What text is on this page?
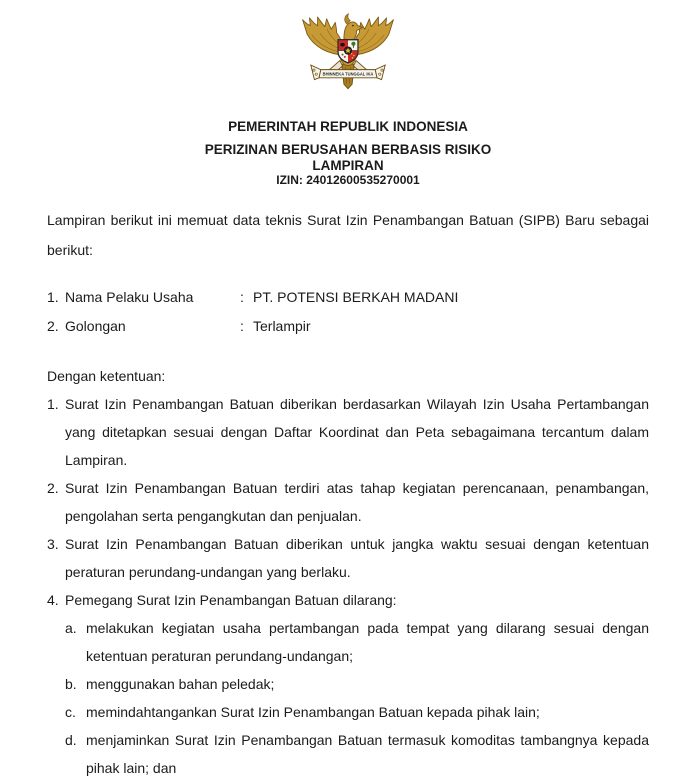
BHINNEKA TUNGGAL IKA
PEMERINTAH REPUBLIK INDONESIA
PERIZINAN BERUSAHAN BERBASIS RISIKO
LAMPIRAN
IZIN: 24012600535270001

Lampiran berikut ini memuat data teknis Surat Izin Penambangan Batuan (SIPB) Baru sebagai berikut:

1. Nama Pelaku Usaha	: PT. POTENSI BERKAH MADANI
2. Golongan	: Terlampir

Dengan ketentuan:

1. Surat Izin Penambangan Batuan diberikan berdasarkan Wilayah Izin Usaha Pertambangan yang ditetapkan sesuai dengan Daftar Koordinat dan Peta sebagaimana tercantum dalam Lampiran.
2. Surat Izin Penambangan Batuan terdiri atas tahap kegiatan perencanaan, penambangan, pengolahan serta pengangkutan dan penjualan.
3. Surat Izin Penambangan Batuan diberikan untuk jangka waktu sesuai dengan ketentuan peraturan perundang-undangan yang berlaku.
4. Pemegang Surat Izin Penambangan Batuan dilarang:
a. melakukan kegiatan usaha pertambangan pada tempat yang dilarang sesuai dengan ketentuan peraturan perundang-undangan;
b. menggunakan bahan peledak;
c. memindahtangankan Surat Izin Penambangan Batuan kepada pihak lain;
d. menjaminkan Surat Izin Penambangan Batuan termasuk komoditas tambangnya kepada pihak lain; dan
